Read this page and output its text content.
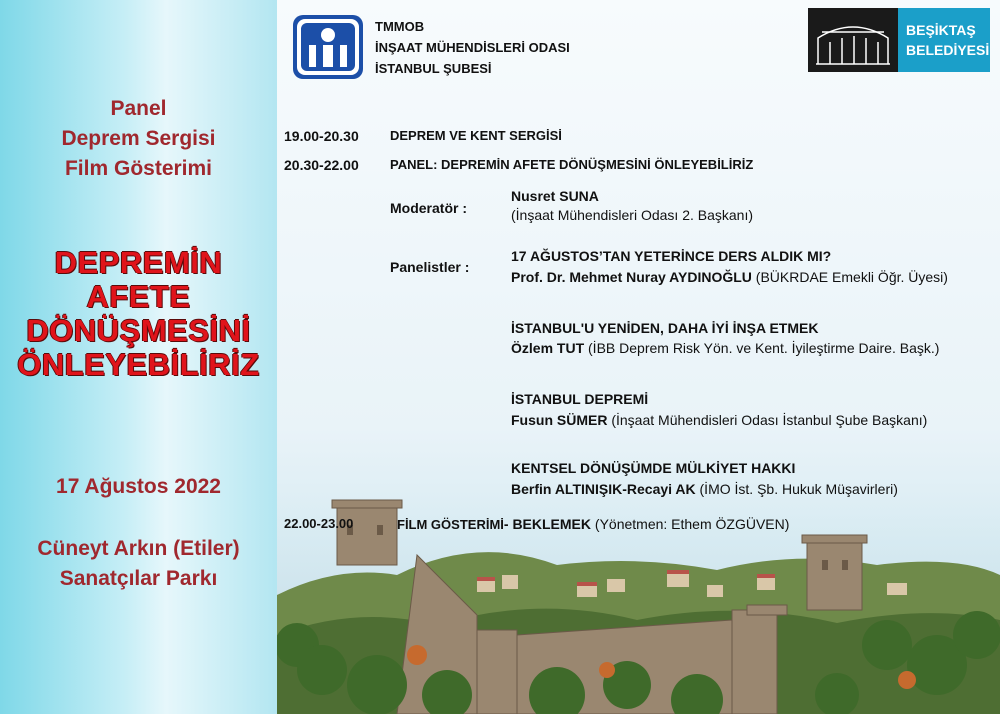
Panel
Deprem Sergisi
Film Gösterimi
DEPREMİN
AFETE
DÖNÜŞMESİNİ
ÖNLEYEBİLİRİZ
17 Ağustos 2022
Cüneyt Arkın (Etiler)
Sanatçılar Parkı
TMMOB
İNŞAAT MÜHENDİSLERİ ODASI
İSTANBUL ŞUBESİ
BEŞİKTAŞ
BELEDİYESİ
19.00-20.30 DEPREM VE KENT SERGİSİ
20.30-22.00 PANEL: DEPREMİN AFETE DÖNÜŞMESİNİ ÖNLEYEBİLİRİZ
Moderatör :
Nusret SUNA
(İnşaat Mühendisleri Odası 2. Başkanı)
Panelistler :
17 AĞUSTOS’TAN YETERİNCE DERS ALDIK MI?
Prof. Dr. Mehmet Nuray AYDINOĞLU (BÜKRDAE Emekli Öğr. Üyesi)
İSTANBUL'U YENİDEN, DAHA İYİ İNŞA ETMEK
Özlem TUT (İBB Deprem Risk Yön. ve Kent. İyileştirme Daire. Başk.)
İSTANBUL DEPREMİ
Fusun SÜMER (İnşaat Mühendisleri Odası İstanbul Şube Başkanı)
KENTSEL DÖNÜŞÜMDE MÜLKİYET HAKKI
Berfin ALTINIŞIK-Recayi AK (İMO İst. Şb. Hukuk Müşavirleri)
22.00-23.00	FİLM GÖSTERİMİ- BEKLEMEK (Yönetmen: Ethem ÖZGÜVEN)
